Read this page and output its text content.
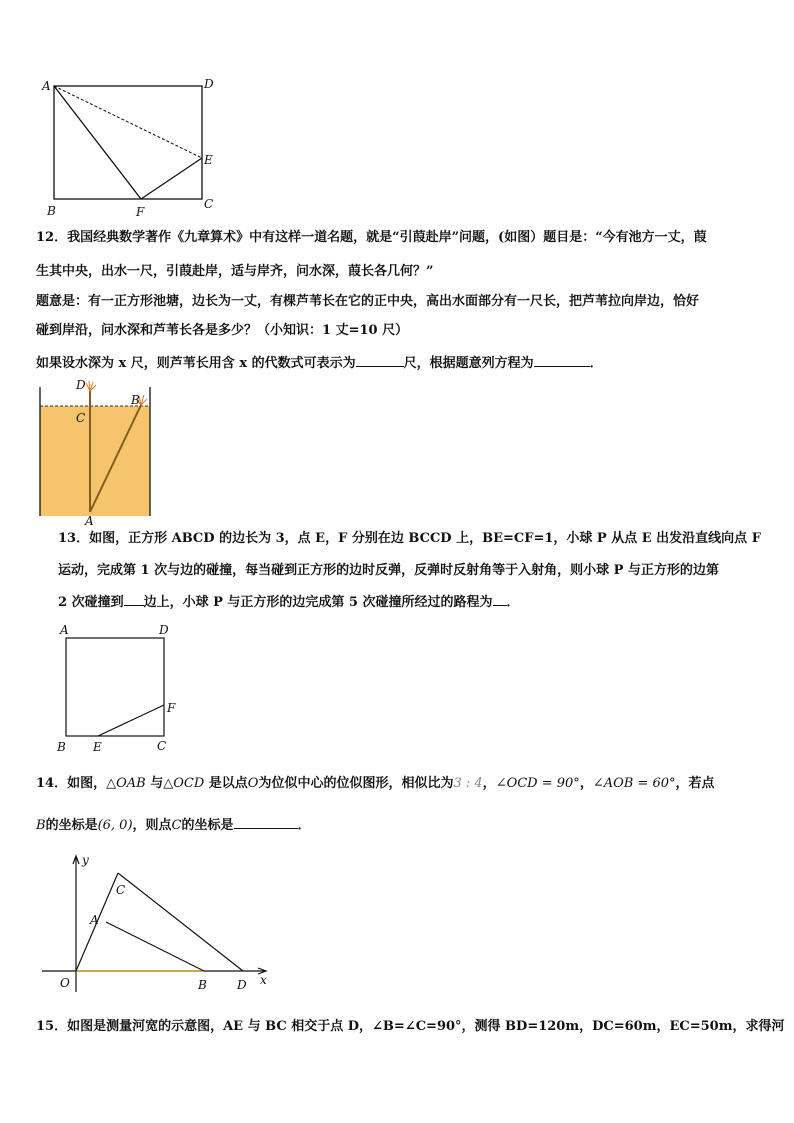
A	D
E
B	F
C
12．我国经典数学著作《九章算术》中有这样一道名题，就是“引葭赴岸”问题，(如图）题目是：“今有池方一丈，葭
生其中央，出水一尺，引葭赴岸，适与岸齐，问水深，葭长各几何？”
题意是：有一正方形池塘，边长为一丈，有棵芦苇长在它的正中央，高出水面部分有一尺长，把芦苇拉向岸边，恰好
碰到岸沿，问水深和芦苇长各是多少？（小知识：1 丈=10 尺）
如果设水深为 x 尺，则芦苇长用含 x 的代数式可表示为	尺，根据题意列方程为	．
D
C
B
A
13．如图，正方形 ABCD 的边长为 3，点 E，F 分别在边 BCCD 上，BE=CF=1，小球 P 从点 E 出发沿直线向点 F
运动，完成第 1 次与边的碰撞，每当碰到正方形的边时反弹，反弹时反射角等于入射角，则小球 P 与正方形的边第
2 次碰撞到 边上，小球 P 与正方形的边完成第 5 次碰撞所经过的路程为 ．
A	D
F
B E	C
14．如图，△OAB 与△OCD 是以点O为位似中心的位似图形，相似比为3 : 4，∠OCD = 90°，∠AOB = 60°，若点
B的坐标是(6, 0)，则点C的坐标是	．
y
x
C
A
O	B	D
15．如图是测量河宽的示意图，AE 与 BC 相交于点 D，∠B=∠C=90°，测得 BD=120m，DC=60m，EC=50m，求得河
